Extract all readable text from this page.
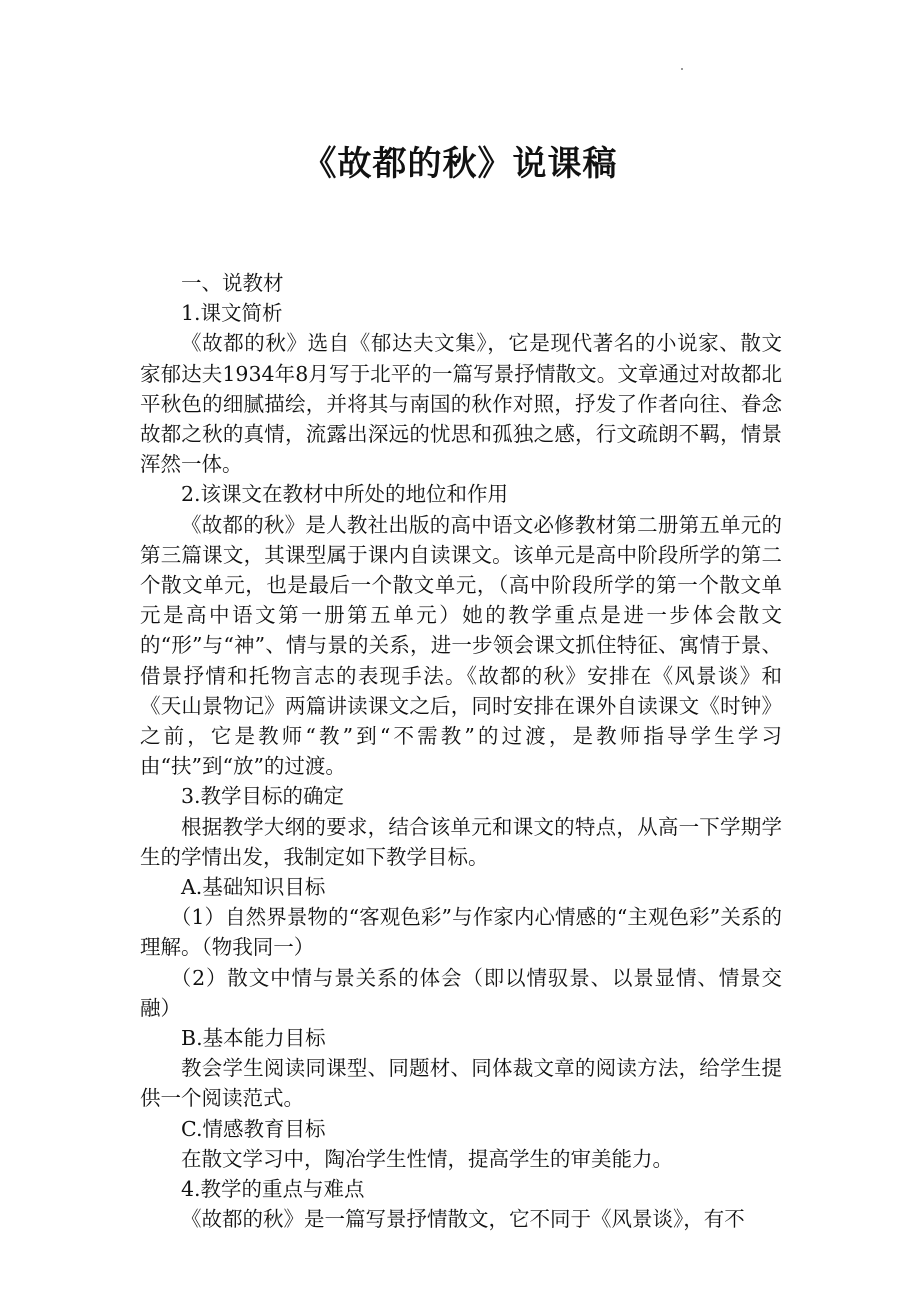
《故都的秋》说课稿

一、说教材

1.课文简析

《故都的秋》选自《郁达夫文集》，它是现代著名的小说家、散文家郁达夫1934年8月写于北平的一篇写景抒情散文。文章通过对故都北平秋色的细腻描绘，并将其与南国的秋作对照，抒发了作者向往、眷念故都之秋的真情，流露出深远的忧思和孤独之感，行文疏朗不羁，情景浑然一体。

2.该课文在教材中所处的地位和作用

《故都的秋》是人教社出版的高中语文必修教材第二册第五单元的第三篇课文，其课型属于课内自读课文。该单元是高中阶段所学的第二个散文单元，也是最后一个散文单元，（高中阶段所学的第一个散文单元是高中语文第一册第五单元）她的教学重点是进一步体会散文的“形”与“神”、情与景的关系，进一步领会课文抓住特征、寓情于景、借景抒情和托物言志的表现手法。《故都的秋》安排在《风景谈》和《天山景物记》两篇讲读课文之后，同时安排在课外自读课文《时钟》之前，它是教师“教”到“不需教”的过渡，是教师指导学生学习由“扶”到“放”的过渡。

3.教学目标的确定

根据教学大纲的要求，结合该单元和课文的特点，从高一下学期学生的学情出发，我制定如下教学目标。

A.基础知识目标

（1）自然界景物的“客观色彩”与作家内心情感的“主观色彩”关系的理解。（物我同一）

（2）散文中情与景关系的体会（即以情驭景、以景显情、情景交融）

B.基本能力目标

教会学生阅读同课型、同题材、同体裁文章的阅读方法，给学生提供一个阅读范式。

C.情感教育目标

在散文学习中，陶冶学生性情，提高学生的审美能力。

4.教学的重点与难点

《故都的秋》是一篇写景抒情散文，它不同于《风景谈》，有不
